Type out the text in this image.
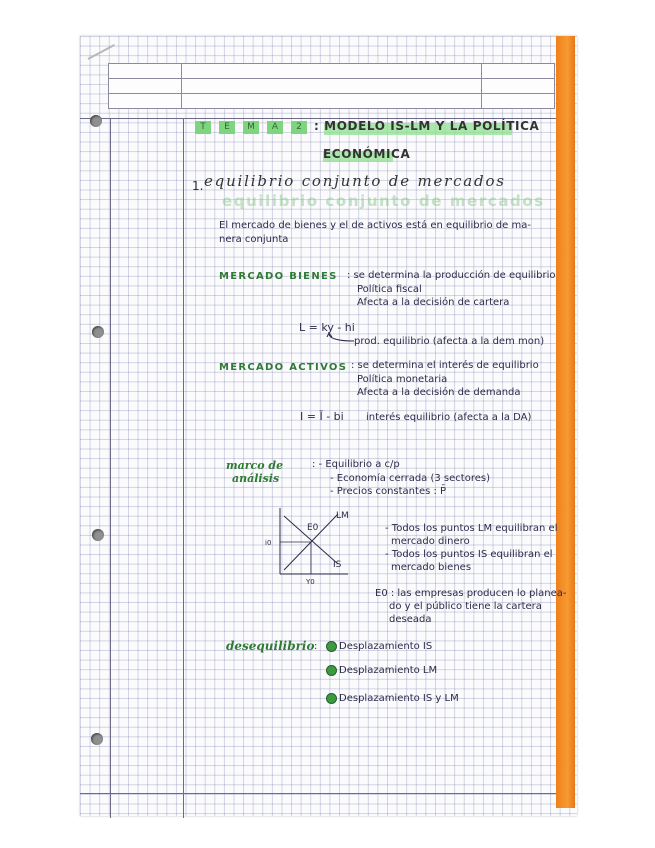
T	E	M	A	2	: MODELO IS-LM Y LA POLÍTICA
ECONÓMICA
equilibrio conjunto de mercados
1. equilibrio conjunto de mercados
El mercado de bienes y el de activos está en equilibrio de ma-
nera conjunta
MERCADO BIENES : se determina la producción de equilibrio
Política fiscal
Afecta a la decisión de cartera
L = ky - hi
prod. equilibrio (afecta a la dem mon)
MERCADO ACTIVOS : se determina el interés de equilibrio
Política monetaria
Afecta a la decisión de demanda
I = Ī - bi interés equilibrio (afecta a la DA)
marco de
análisis
: - Equilibrio a c/p
- Economía cerrada (3 sectores)
- Precios constantes : P̄
LM
IS
E0
i0
Y0
- Todos los puntos LM equilibran el
mercado dinero
- Todos los puntos IS equilibran el
mercado bienes
E0 : las empresas producen lo planea-
do y el público tiene la cartera
deseada
desequilibrio : Desplazamiento IS
Desplazamiento LM
Desplazamiento IS y LM
